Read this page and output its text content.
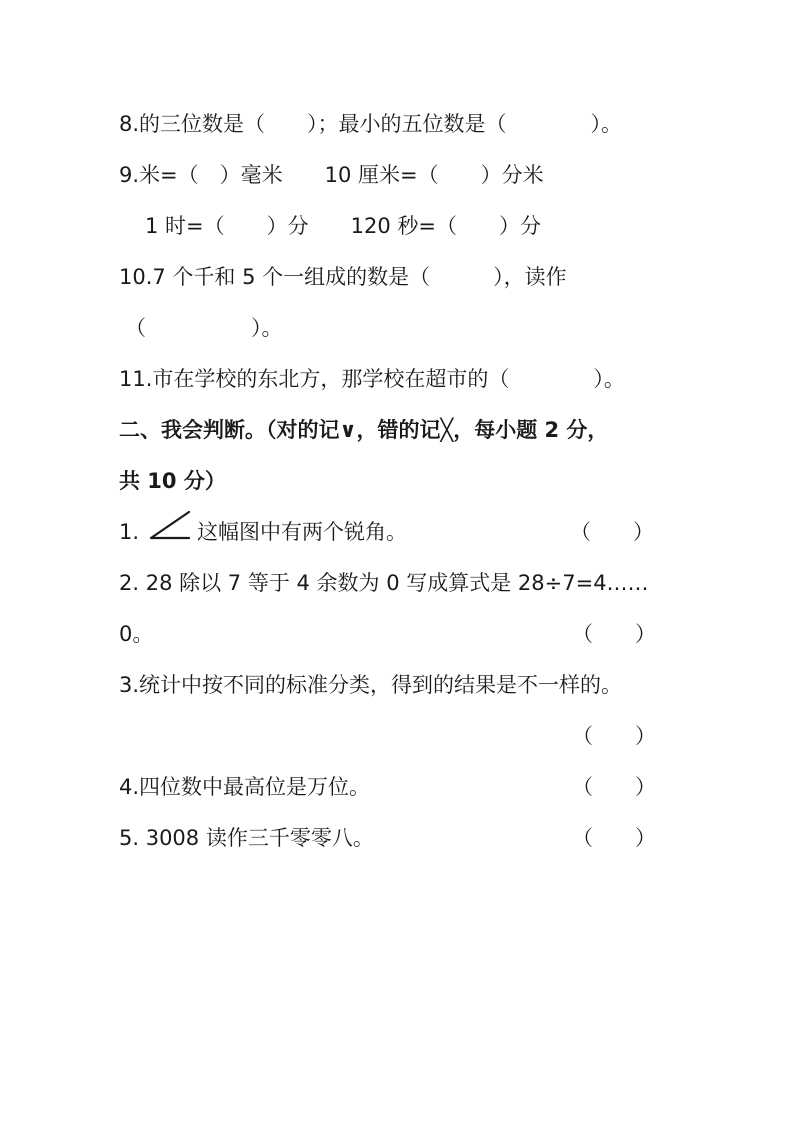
8.的三位数是（　　）；最小的五位数是（　　　　）。
9.米=（　）毫米　　10 厘米=（　　）分米
1 时=（　　）分　　120 秒=（　　）分
10.7 个千和 5 个一组成的数是（　　　），读作
（　　　　　）。
11.市在学校的东北方，那学校在超市的（　　　　）。
二、我会判断。（对的记∨，错的记╳，每小题 2 分，
共 10 分）
1.	这幅图中有两个锐角。	（　　）
2. 28 除以 7 等于 4 余数为 0 写成算式是 28÷7=4……
0。	（　　）
3.统计中按不同的标准分类，得到的结果是不一样的。
（　　）
4.四位数中最高位是万位。	（　　）
5. 3008 读作三千零零八。	（　　）
